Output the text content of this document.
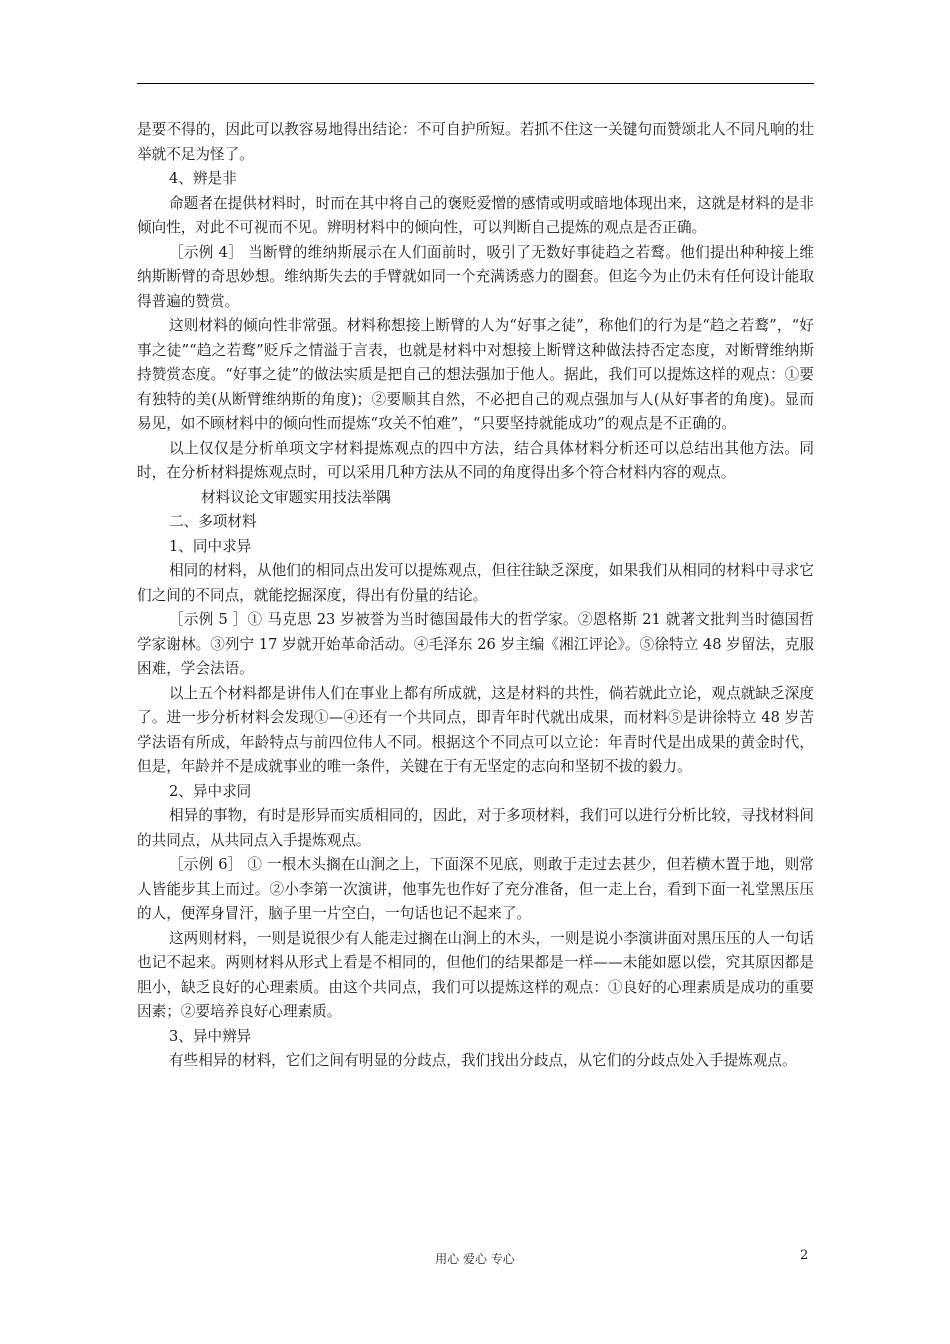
是要不得的，因此可以教容易地得出结论：不可自护所短。若抓不住这一关键句而赞颂北人不同凡响的壮举就不足为怪了。

4、辨是非

命题者在提供材料时，时而在其中将自己的褒贬爱憎的感情或明或暗地体现出来，这就是材料的是非倾向性，对此不可视而不见。辨明材料中的倾向性，可以判断自己提炼的观点是否正确。

［示例 4］ 当断臂的维纳斯展示在人们面前时，吸引了无数好事徒趋之若鹜。他们提出种种接上维纳斯断臂的奇思妙想。维纳斯失去的手臂就如同一个充满诱惑力的圈套。但迄今为止仍未有任何设计能取得普遍的赞赏。

这则材料的倾向性非常强。材料称想接上断臂的人为“好事之徒”，称他们的行为是“趋之若鹜”，“好事之徒”“趋之若鹜”贬斥之情溢于言表，也就是材料中对想接上断臂这种做法持否定态度，对断臂维纳斯持赞赏态度。“好事之徒”的做法实质是把自己的想法强加于他人。据此，我们可以提炼这样的观点：①要有独特的美(从断臂维纳斯的角度)；②要顺其自然，不必把自己的观点强加与人(从好事者的角度)。显而易见，如不顾材料中的倾向性而提炼“攻关不怕难”，“只要坚持就能成功”的观点是不正确的。

以上仅仅是分析单项文字材料提炼观点的四中方法，结合具体材料分析还可以总结出其他方法。同时，在分析材料提炼观点时，可以采用几种方法从不同的角度得出多个符合材料内容的观点。

材料议论文审题实用技法举隅

二、多项材料

1、同中求异

相同的材料，从他们的相同点出发可以提炼观点，但往往缺乏深度，如果我们从相同的材料中寻求它们之间的不同点，就能挖掘深度，得出有份量的结论。

［示例 5 ］① 马克思 23 岁被誉为当时德国最伟大的哲学家。②恩格斯 21 就著文批判当时德国哲学家谢林。③列宁 17 岁就开始革命活动。④毛泽东 26 岁主编《湘江评论》。⑤徐特立 48 岁留法，克服困难，学会法语。

以上五个材料都是讲伟人们在事业上都有所成就，这是材料的共性，倘若就此立论，观点就缺乏深度了。进一步分析材料会发现①—④还有一个共同点，即青年时代就出成果，而材料⑤是讲徐特立 48 岁苦学法语有所成，年龄特点与前四位伟人不同。根据这个不同点可以立论：年青时代是出成果的黄金时代，但是，年龄并不是成就事业的唯一条件，关键在于有无坚定的志向和坚韧不拔的毅力。

2、异中求同

相异的事物，有时是形异而实质相同的，因此，对于多项材料，我们可以进行分析比较，寻找材料间的共同点，从共同点入手提炼观点。

［示例 6］ ① 一根木头搁在山涧之上，下面深不见底，则敢于走过去甚少，但若横木置于地，则常人皆能步其上而过。②小李第一次演讲，他事先也作好了充分准备，但一走上台，看到下面一礼堂黑压压的人，便浑身冒汗，脑子里一片空白，一句话也记不起来了。

这两则材料，一则是说很少有人能走过搁在山涧上的木头，一则是说小李演讲面对黑压压的人一句话也记不起来。两则材料从形式上看是不相同的，但他们的结果都是一样——未能如愿以偿，究其原因都是胆小，缺乏良好的心理素质。由这个共同点，我们可以提炼这样的观点：①良好的心理素质是成功的重要因素；②要培养良好心理素质。

3、异中辨异

有些相异的材料，它们之间有明显的分歧点，我们找出分歧点，从它们的分歧点处入手提炼观点。

用心 爱心 专心	2
